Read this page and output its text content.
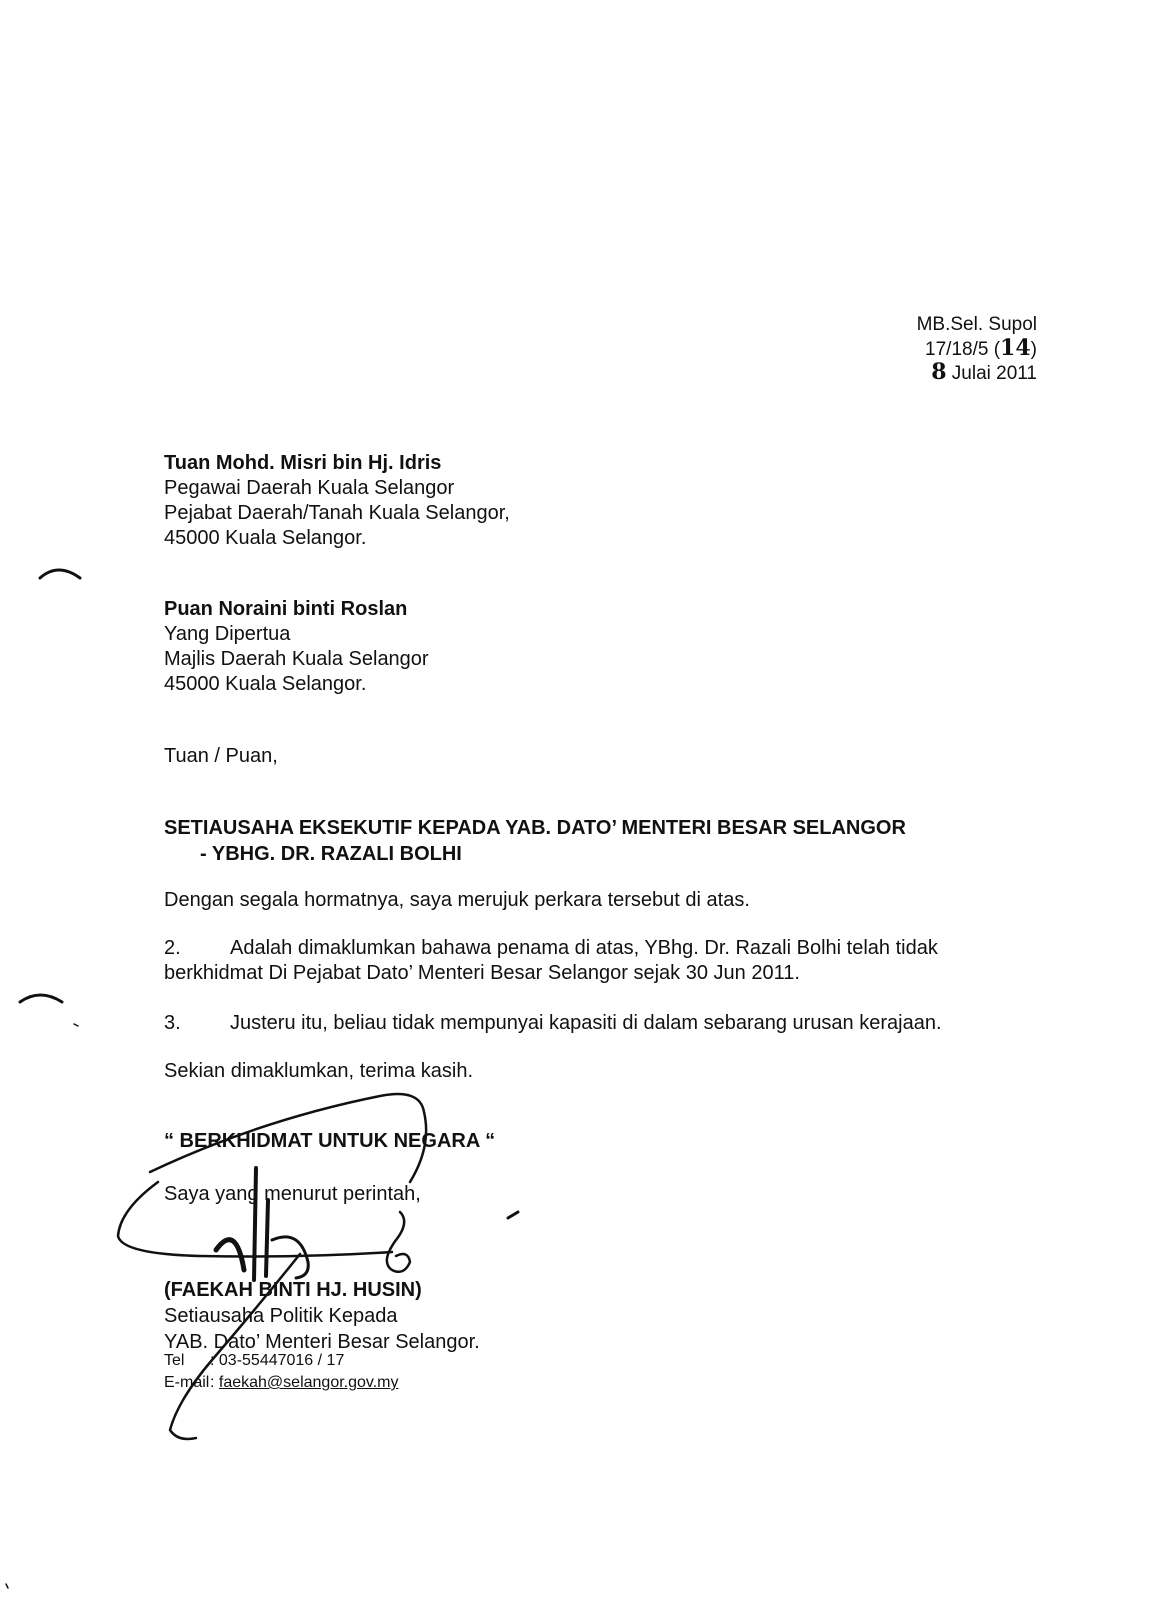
MB.Sel. Supol
17/18/5 (14)
8 Julai 2011
Tuan Mohd. Misri bin Hj. Idris
Pegawai Daerah Kuala Selangor
Pejabat Daerah/Tanah Kuala Selangor,
45000 Kuala Selangor.
Puan Noraini binti Roslan
Yang Dipertua
Majlis Daerah Kuala Selangor
45000 Kuala Selangor.
Tuan / Puan,
SETIAUSAHA EKSEKUTIF KEPADA YAB. DATO’ MENTERI BESAR SELANGOR
- YBHG. DR. RAZALI BOLHI
Dengan segala hormatnya, saya merujuk perkara tersebut di atas.
2. Adalah dimaklumkan bahawa penama di atas, YBhg. Dr. Razali Bolhi telah tidak
berkhidmat Di Pejabat Dato’ Menteri Besar Selangor sejak 30 Jun 2011.
3. Justeru itu, beliau tidak mempunyai kapasiti di dalam sebarang urusan kerajaan.
Sekian dimaklumkan, terima kasih.
“ BERKHIDMAT UNTUK NEGARA “
Saya yang menurut perintah,
(FAEKAH BINTI HJ. HUSIN)
Setiausaha Politik Kepada
YAB. Dato’ Menteri Besar Selangor.
Tel : 03-55447016 / 17
E-mail: faekah@selangor.gov.my
